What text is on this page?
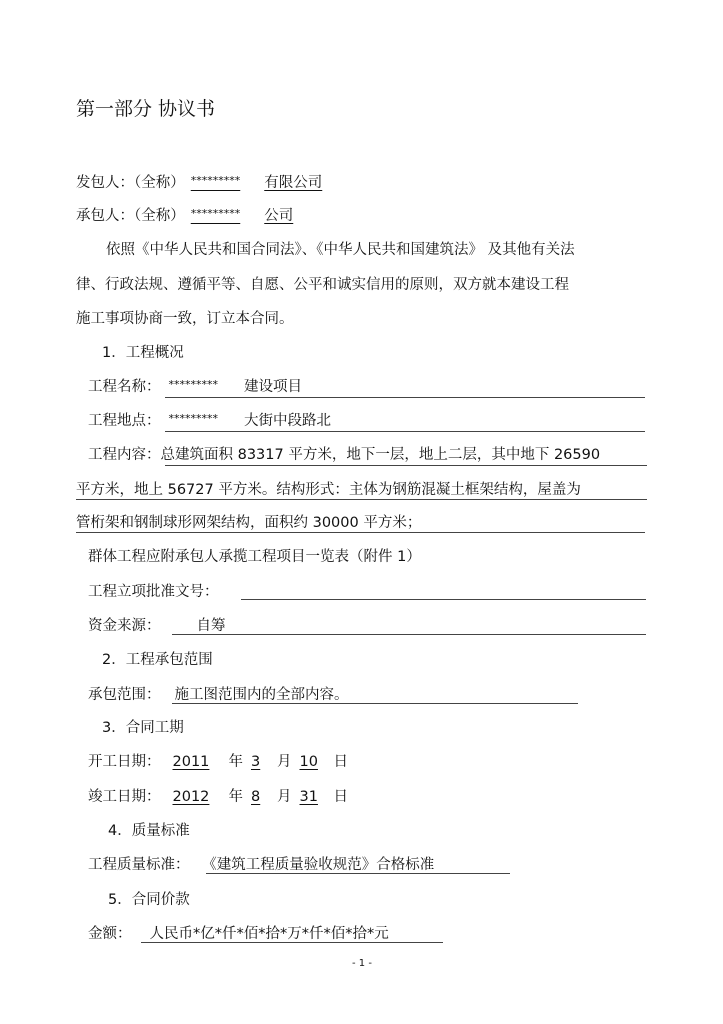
第一部分 协议书
发包人：（全称） ********* 有限公司
承包人：（全称） ********* 公司
依照《中华人民共和国合同法》、《中华人民共和国建筑法》 及其他有关法
律、行政法规、遵循平等、自愿、公平和诚实信用的原则，双方就本建设工程
施工事项协商一致，订立本合同。
1．工程概况
工程名称： ********* 建设项目
工程地点： ********* 大街中段路北
工程内容：总建筑面积 83317 平方米，地下一层，地上二层，其中地下 26590
平方米，地上 56727 平方米。结构形式：主体为钢筋混凝土框架结构，屋盖为
管桁架和钢制球形网架结构，面积约 30000 平方米；
群体工程应附承包人承揽工程项目一览表（附件 1）
工程立项批准文号：
资金来源： 自筹
2．工程承包范围
承包范围： 施工图范围内的全部内容。
3．合同工期
开工日期： 2011 年 3 月 10 日
竣工日期： 2012 年 8 月 31 日
4．质量标准
工程质量标准： 《建筑工程质量验收规范》合格标准
5．合同价款
金额： 人民币*亿*仟*佰*拾*万*仟*佰*拾*元
- 1 -
